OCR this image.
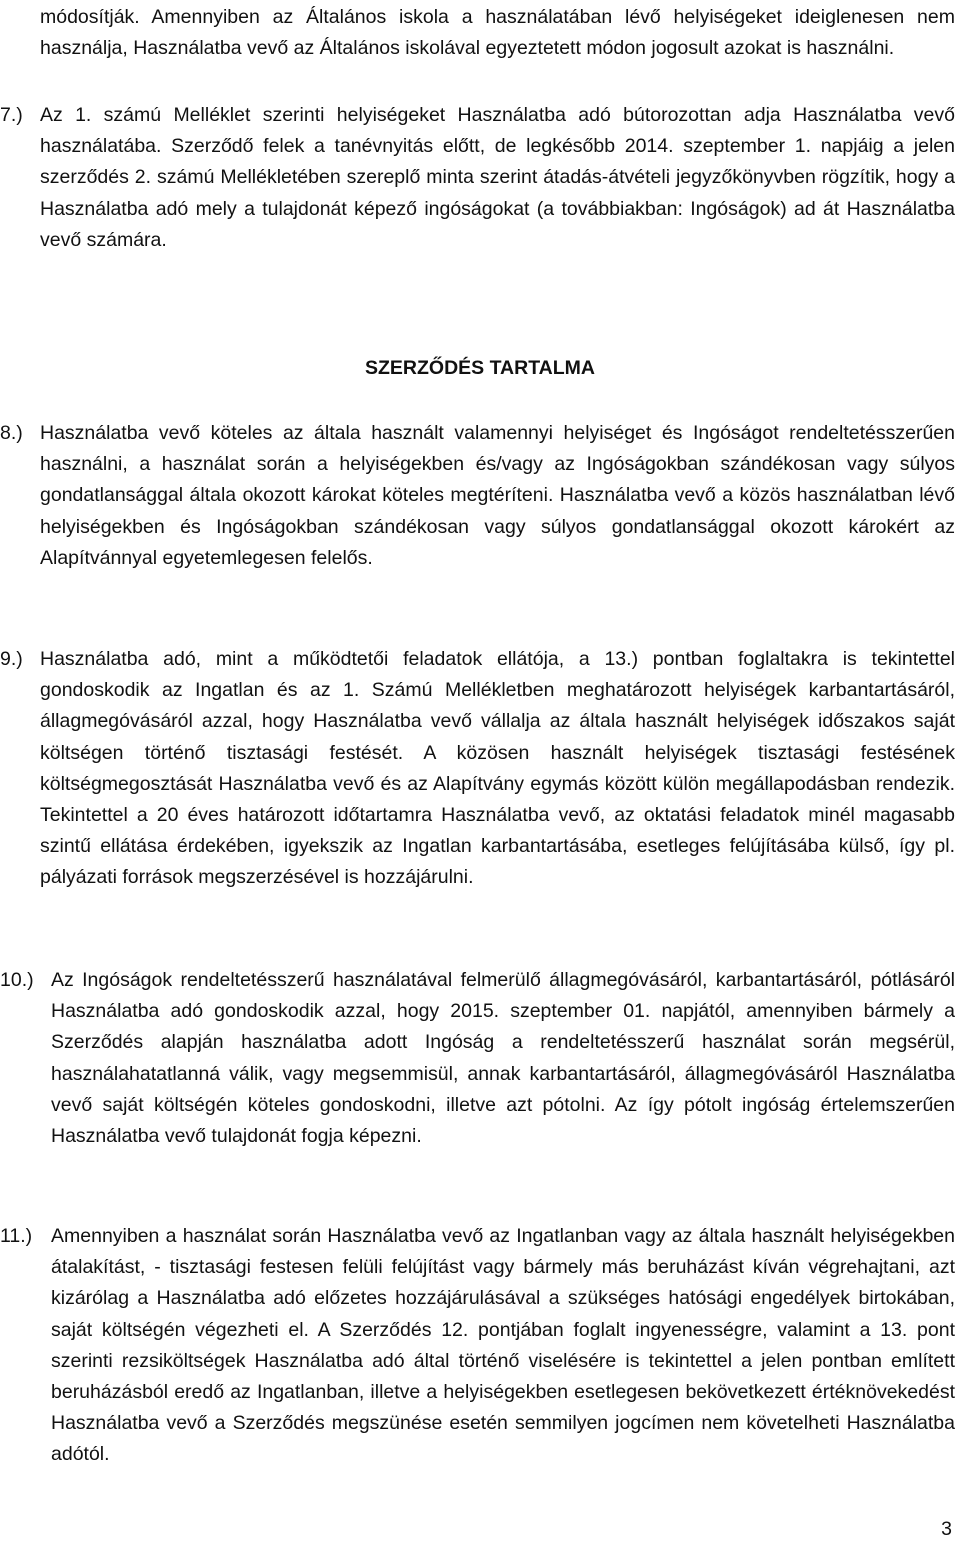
módosítják. Amennyiben az Általános iskola a használatában lévő helyiségeket ideiglenesen nem használja, Használatba vevő az Általános iskolával egyeztetett módon jogosult azokat is használni.

7.) Az 1. számú Melléklet szerinti helyiségeket Használatba adó bútorozottan adja Használatba vevő használatába. Szerződő felek a tanévnyitás előtt, de legkésőbb 2014. szeptember 1. napjáig a jelen szerződés 2. számú Mellékletében szereplő minta szerint átadás-átvételi jegyzőkönyvben rögzítik, hogy a Használatba adó mely a tulajdonát képező ingóságokat (a továbbiakban: Ingóságok) ad át Használatba vevő számára.

SZERZŐDÉS TARTALMA

8.) Használatba vevő köteles az általa használt valamennyi helyiséget és Ingóságot rendeltetésszerűen használni, a használat során a helyiségekben és/vagy az Ingóságokban szándékosan vagy súlyos gondatlansággal általa okozott károkat köteles megtéríteni. Használatba vevő a közös használatban lévő helyiségekben és Ingóságokban szándékosan vagy súlyos gondatlansággal okozott károkért az Alapítvánnyal egyetemlegesen felelős.
9.) Használatba adó, mint a működtetői feladatok ellátója, a 13.) pontban foglaltakra is tekintettel gondoskodik az Ingatlan és az 1. Számú Mellékletben meghatározott helyiségek karbantartásáról, állagmegóvásáról azzal, hogy Használatba vevő vállalja az általa használt helyiségek időszakos saját költségen történő tisztasági festését. A közösen használt helyiségek tisztasági festésének költségmegosztását Használatba vevő és az Alapítvány egymás között külön megállapodásban rendezik. Tekintettel a 20 éves határozott időtartamra Használatba vevő, az oktatási feladatok minél magasabb szintű ellátása érdekében, igyekszik az Ingatlan karbantartásába, esetleges felújításába külső, így pl. pályázati források megszerzésével is hozzájárulni.
10.) Az Ingóságok rendeltetésszerű használatával felmerülő állagmegóvásáról, karbantartásáról, pótlásáról Használatba adó gondoskodik azzal, hogy 2015. szeptember 01. napjától, amennyiben bármely a Szerződés alapján használatba adott Ingóság a rendeltetésszerű használat során megsérül, használahatatlanná válik, vagy megsemmisül, annak karbantartásáról, állagmegóvásáról Használatba vevő saját költségén köteles gondoskodni, illetve azt pótolni. Az így pótolt ingóság értelemszerűen Használatba vevő tulajdonát fogja képezni.
11.) Amennyiben a használat során Használatba vevő az Ingatlanban vagy az általa használt helyiségekben átalakítást, - tisztasági festesen felüli felújítást vagy bármely más beruházást kíván végrehajtani, azt kizárólag a Használatba adó előzetes hozzájárulásával a szükséges hatósági engedélyek birtokában, saját költségén végezheti el. A Szerződés 12. pontjában foglalt ingyenességre, valamint a 13. pont szerinti rezsiköltségek Használatba adó által történő viselésére is tekintettel a jelen pontban említett beruházásból eredő az Ingatlanban, illetve a helyiségekben esetlegesen bekövetkezett értéknövekedést Használatba vevő a Szerződés megszünése esetén semmilyen jogcímen nem követelheti Használatba adótól.
3
